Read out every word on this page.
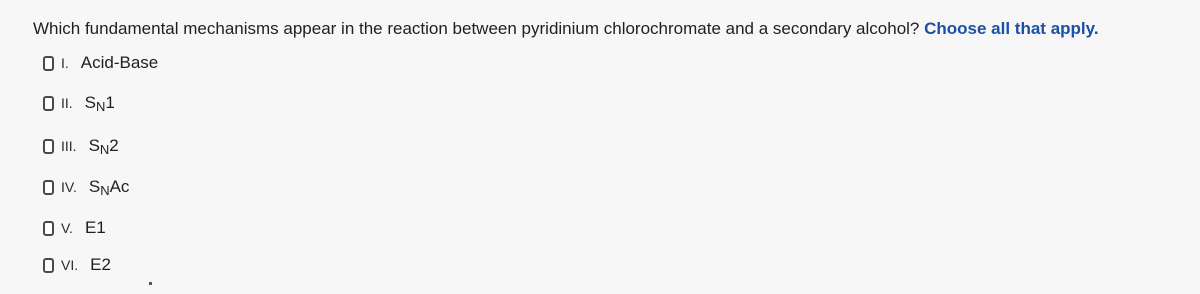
Which fundamental mechanisms appear in the reaction between pyridinium chlorochromate and a secondary alcohol? Choose all that apply.
I. Acid-Base
II. SN1
III. SN2
IV. SNAc
V. E1
VI. E2
